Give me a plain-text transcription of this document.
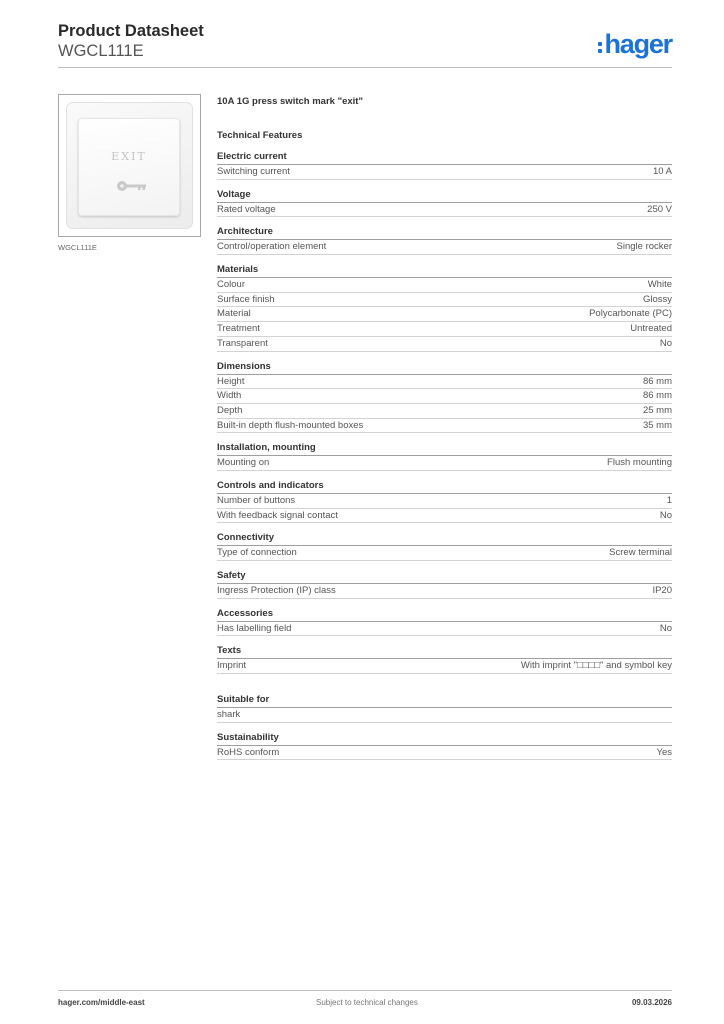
Product Datasheet
WGCL111E	hager
EXIT
WGCL111E
10A 1G press switch mark "exit"
Technical Features
Electric current
Switching current	10 A
Voltage
Rated voltage	250 V
Architecture
Control/operation element	Single rocker
Materials
Colour	White
Surface finish	Glossy
Material	Polycarbonate (PC)
Treatment	Untreated
Transparent	No
Dimensions
Height	86 mm
Width	86 mm
Depth	25 mm
Built-in depth flush-mounted boxes	35 mm
Installation, mounting
Mounting on	Flush mounting
Controls and indicators
Number of buttons	1
With feedback signal contact	No
Connectivity
Type of connection	Screw terminal
Safety
Ingress Protection (IP) class	IP20
Accessories
Has labelling field	No
Texts
Imprint	With imprint "□□□□" and symbol key
Suitable for
shark
Sustainability
RoHS conform	Yes
hager.com/middle-east	Subject to technical changes	09.03.2026
